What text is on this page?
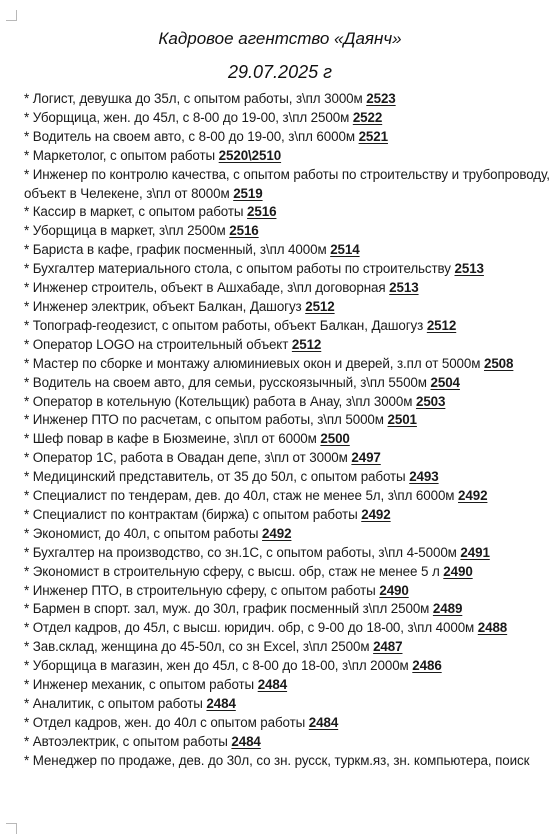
Кадровое агентство «Даянч»
29.07.2025 г
* Логист, девушка до 35л, с опытом работы, з\пл 3000м 2523
* Уборщица, жен. до 45л, с 8-00 до 19-00, з\пл 2500м 2522
* Водитель на своем авто, с 8-00 до 19-00, з\пл 6000м 2521
* Маркетолог, с опытом работы 2520\2510
* Инженер по контролю качества, с опытом работы по строительству и трубопроводу, объект в Челекене, з\пл от 8000м 2519
* Кассир в маркет, с опытом работы 2516
* Уборщица в маркет, з\пл 2500м 2516
* Бариста в кафе, график посменный, з\пл 4000м 2514
* Бухгалтер материального стола, с опытом работы по строительству 2513
* Инженер строитель, объект в Ашхабаде, з\пл договорная 2513
* Инженер электрик, объект Балкан, Дашогуз 2512
* Топограф-геодезист, с опытом работы, объект Балкан, Дашогуз 2512
* Оператор LOGO на строительный объект 2512
* Мастер по сборке и монтажу алюминиевых окон и дверей, з.пл от 5000м 2508
* Водитель на своем авто, для семьи, русскоязычный, з\пл 5500м 2504
* Оператор в котельную (Котельщик) работа в Анау, з\пл 3000м 2503
* Инженер ПТО по расчетам, с опытом работы, з\пл 5000м 2501
* Шеф повар в кафе в Бюзмеине, з\пл от 6000м 2500
* Оператор 1С, работа в Овадан депе, з\пл от 3000м 2497
* Медицинский представитель, от 35 до 50л, с опытом работы 2493
* Специалист по тендерам, дев. до 40л, стаж не менее 5л, з\пл 6000м 2492
* Специалист по контрактам (биржа) с опытом работы 2492
* Экономист, до 40л, с опытом работы 2492
* Бухгалтер на производство, со зн.1С, с опытом работы, з\пл 4-5000м 2491
* Экономист в строительную сферу, с высш. обр, стаж не менее 5 л 2490
* Инженер ПТО, в строительную сферу, с опытом работы 2490
* Бармен в спорт. зал, муж. до 30л, график посменный з\пл 2500м 2489
* Отдел кадров, до 45л, с высш. юридич. обр, с 9-00 до 18-00, з\пл 4000м 2488
* Зав.склад, женщина до 45-50л, со зн Excel, з\пл 2500м 2487
* Уборщица в магазин, жен до 45л, с 8-00 до 18-00, з\пл 2000м 2486
* Инженер механик, с опытом работы 2484
* Аналитик, с опытом работы 2484
* Отдел кадров, жен. до 40л с опытом работы 2484
* Автоэлектрик, с опытом работы 2484
* Менеджер по продаже, дев. до 30л, со зн. русск, туркм.яз, зн. компьютера, поиск
